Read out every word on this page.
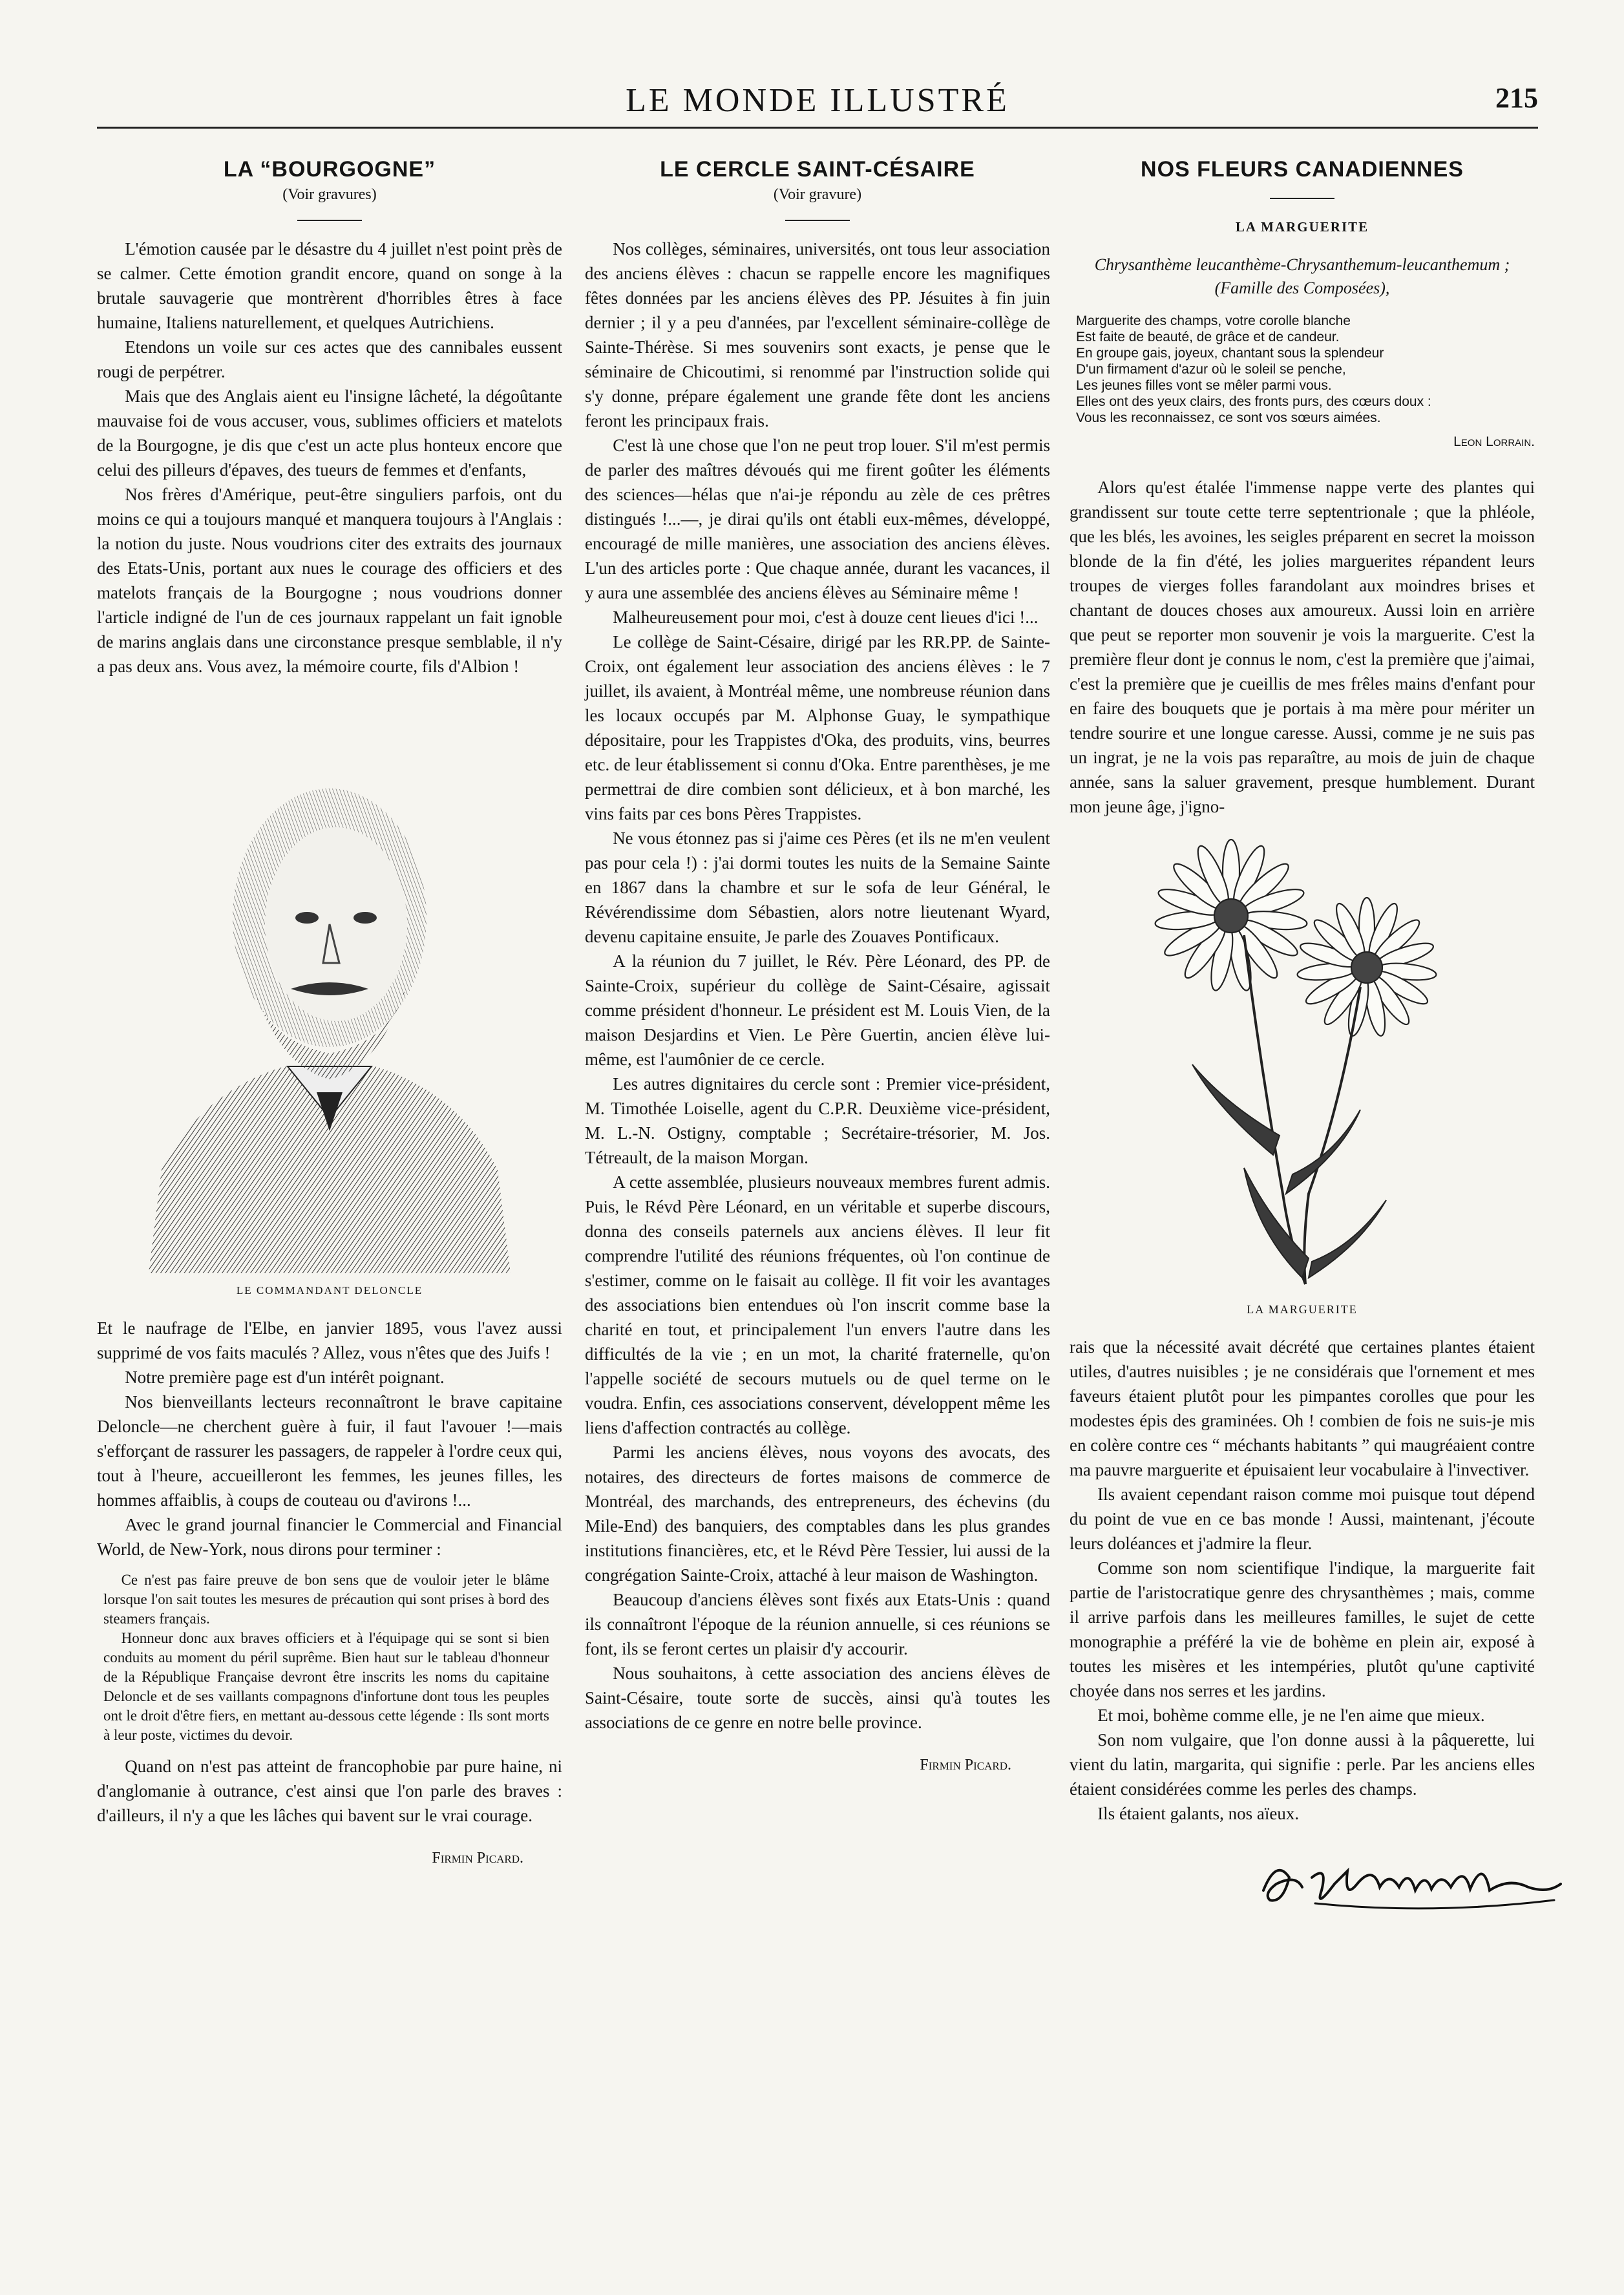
LE MONDE ILLUSTRÉ	215
LA “BOURGOGNE”
(Voir gravures)

L'émotion causée par le désastre du 4 juillet n'est point près de se calmer. Cette émotion grandit encore, quand on songe à la brutale sauvagerie que montrèrent d'horribles êtres à face humaine, Italiens naturellement, et quelques Autrichiens.

Etendons un voile sur ces actes que des cannibales eussent rougi de perpétrer.

Mais que des Anglais aient eu l'insigne lâcheté, la dégoûtante mauvaise foi de vous accuser, vous, sublimes officiers et matelots de la Bourgogne, je dis que c'est un acte plus honteux encore que celui des pilleurs d'épaves, des tueurs de femmes et d'enfants,

Nos frères d'Amérique, peut-être singuliers parfois, ont du moins ce qui a toujours manqué et manquera toujours à l'Anglais : la notion du juste. Nous voudrions citer des extraits des journaux des Etats-Unis, portant aux nues le courage des officiers et des matelots français de la Bourgogne ; nous voudrions donner l'article indigné de l'un de ces journaux rappelant un fait ignoble de marins anglais dans une circonstance presque semblable, il n'y a pas deux ans. Vous avez, la mémoire courte, fils d'Albion !

LE COMMANDANT DELONCLE

Et le naufrage de l'Elbe, en janvier 1895, vous l'avez aussi supprimé de vos faits maculés ? Allez, vous n'êtes que des Juifs !

Notre première page est d'un intérêt poignant.

Nos bienveillants lecteurs reconnaîtront le brave capitaine Deloncle—ne cherchent guère à fuir, il faut l'avouer !—mais s'efforçant de rassurer les passagers, de rappeler à l'ordre ceux qui, tout à l'heure, accueilleront les femmes, les jeunes filles, les hommes affaiblis, à coups de couteau ou d'avirons !...

Avec le grand journal financier le Commercial and Financial World, de New-York, nous dirons pour terminer :

Ce n'est pas faire preuve de bon sens que de vouloir jeter le blâme lorsque l'on sait toutes les mesures de précaution qui sont prises à bord des steamers français.

Honneur donc aux braves officiers et à l'équipage qui se sont si bien conduits au moment du péril suprême. Bien haut sur le tableau d'honneur de la République Française devront être inscrits les noms du capitaine Deloncle et de ses vaillants compagnons d'infortune dont tous les peuples ont le droit d'être fiers, en mettant au-dessous cette légende : Ils sont morts à leur poste, victimes du devoir.

Quand on n'est pas atteint de francophobie par pure haine, ni d'anglomanie à outrance, c'est ainsi que l'on parle des braves : d'ailleurs, il n'y a que les lâches qui bavent sur le vrai courage.

Firmin Picard.
LE CERCLE SAINT-CÉSAIRE
(Voir gravure)

Nos collèges, séminaires, universités, ont tous leur association des anciens élèves : chacun se rappelle encore les magnifiques fêtes données par les anciens élèves des PP. Jésuites à fin juin dernier ; il y a peu d'années, par l'excellent séminaire-collège de Sainte-Thérèse. Si mes souvenirs sont exacts, je pense que le séminaire de Chicoutimi, si renommé par l'instruction solide qui s'y donne, prépare également une grande fête dont les anciens feront les principaux frais.

C'est là une chose que l'on ne peut trop louer. S'il m'est permis de parler des maîtres dévoués qui me firent goûter les éléments des sciences—hélas que n'ai-je répondu au zèle de ces prêtres distingués !...—, je dirai qu'ils ont établi eux-mêmes, développé, encouragé de mille manières, une association des anciens élèves. L'un des articles porte : Que chaque année, durant les vacances, il y aura une assemblée des anciens élèves au Séminaire même !

Malheureusement pour moi, c'est à douze cent lieues d'ici !...

Le collège de Saint-Césaire, dirigé par les RR.PP. de Sainte-Croix, ont également leur association des anciens élèves : le 7 juillet, ils avaient, à Montréal même, une nombreuse réunion dans les locaux occupés par M. Alphonse Guay, le sympathique dépositaire, pour les Trappistes d'Oka, des produits, vins, beurres etc. de leur établissement si connu d'Oka. Entre parenthèses, je me permettrai de dire combien sont délicieux, et à bon marché, les vins faits par ces bons Pères Trappistes.

Ne vous étonnez pas si j'aime ces Pères (et ils ne m'en veulent pas pour cela !) : j'ai dormi toutes les nuits de la Semaine Sainte en 1867 dans la chambre et sur le sofa de leur Général, le Révérendissime dom Sébastien, alors notre lieutenant Wyard, devenu capitaine ensuite, Je parle des Zouaves Pontificaux.

A la réunion du 7 juillet, le Rév. Père Léonard, des PP. de Sainte-Croix, supérieur du collège de Saint-Césaire, agissait comme président d'honneur. Le président est M. Louis Vien, de la maison Desjardins et Vien. Le Père Guertin, ancien élève lui-même, est l'aumônier de ce cercle.

Les autres dignitaires du cercle sont : Premier vice-président, M. Timothée Loiselle, agent du C.P.R. Deuxième vice-président, M. L.-N. Ostigny, comptable ; Secrétaire-trésorier, M. Jos. Tétreault, de la maison Morgan.

A cette assemblée, plusieurs nouveaux membres furent admis. Puis, le Révd Père Léonard, en un véritable et superbe discours, donna des conseils paternels aux anciens élèves. Il leur fit comprendre l'utilité des réunions fréquentes, où l'on continue de s'estimer, comme on le faisait au collège. Il fit voir les avantages des associations bien entendues où l'on inscrit comme base la charité en tout, et principalement l'un envers l'autre dans les difficultés de la vie ; en un mot, la charité fraternelle, qu'on l'appelle société de secours mutuels ou de quel terme on le voudra. Enfin, ces associations conservent, développent même les liens d'affection contractés au collège.

Parmi les anciens élèves, nous voyons des avocats, des notaires, des directeurs de fortes maisons de commerce de Montréal, des marchands, des entrepreneurs, des échevins (du Mile-End) des banquiers, des comptables dans les plus grandes institutions financières, etc, et le Révd Père Tessier, lui aussi de la congrégation Sainte-Croix, attaché à leur maison de Washington.

Beaucoup d'anciens élèves sont fixés aux Etats-Unis : quand ils connaîtront l'époque de la réunion annuelle, si ces réunions se font, ils se feront certes un plaisir d'y accourir.

Nous souhaitons, à cette association des anciens élèves de Saint-Césaire, toute sorte de succès, ainsi qu'à toutes les associations de ce genre en notre belle province.

Firmin Picard.
NOS FLEURS CANADIENNES
LA MARGUERITE
Chrysanthème leucanthème-Chrysanthemum-leucanthemum ; (Famille des Composées),
Marguerite des champs, votre corolle blanche
Est faite de beauté, de grâce et de candeur.
En groupe gais, joyeux, chantant sous la splendeur
D'un firmament d'azur où le soleil se penche,
Les jeunes filles vont se mêler parmi vous.
Elles ont des yeux clairs, des fronts purs, des cœurs doux :
Vous les reconnaissez, ce sont vos sœurs aimées.
Leon Lorrain.

Alors qu'est étalée l'immense nappe verte des plantes qui grandissent sur toute cette terre septentrionale ; que la phléole, que les blés, les avoines, les seigles préparent en secret la moisson blonde de la fin d'été, les jolies marguerites répandent leurs troupes de vierges folles farandolant aux moindres brises et chantant de douces choses aux amoureux. Aussi loin en arrière que peut se reporter mon souvenir je vois la marguerite. C'est la première fleur dont je connus le nom, c'est la première que j'aimai, c'est la première que je cueillis de mes frêles mains d'enfant pour en faire des bouquets que je portais à ma mère pour mériter un tendre sourire et une longue caresse. Aussi, comme je ne suis pas un ingrat, je ne la vois pas reparaître, au mois de juin de chaque année, sans la saluer gravement, presque humblement. Durant mon jeune âge, j'igno-

LA MARGUERITE

rais que la nécessité avait décrété que certaines plantes étaient utiles, d'autres nuisibles ; je ne considérais que l'ornement et mes faveurs étaient plutôt pour les pimpantes corolles que pour les modestes épis des graminées. Oh ! combien de fois ne suis-je mis en colère contre ces “ méchants habitants ” qui maugréaient contre ma pauvre marguerite et épuisaient leur vocabulaire à l'invectiver.

Ils avaient cependant raison comme moi puisque tout dépend du point de vue en ce bas monde ! Aussi, maintenant, j'écoute leurs doléances et j'admire la fleur.

Comme son nom scientifique l'indique, la marguerite fait partie de l'aristocratique genre des chrysanthèmes ; mais, comme il arrive parfois dans les meilleures familles, le sujet de cette monographie a préféré la vie de bohème en plein air, exposé à toutes les misères et les intempéries, plutôt qu'une captivité choyée dans nos serres et les jardins.

Et moi, bohème comme elle, je ne l'en aime que mieux.

Son nom vulgaire, que l'on donne aussi à la pâquerette, lui vient du latin, margarita, qui signifie : perle. Par les anciens elles étaient considérées comme les perles des champs.

Ils étaient galants, nos aïeux.
